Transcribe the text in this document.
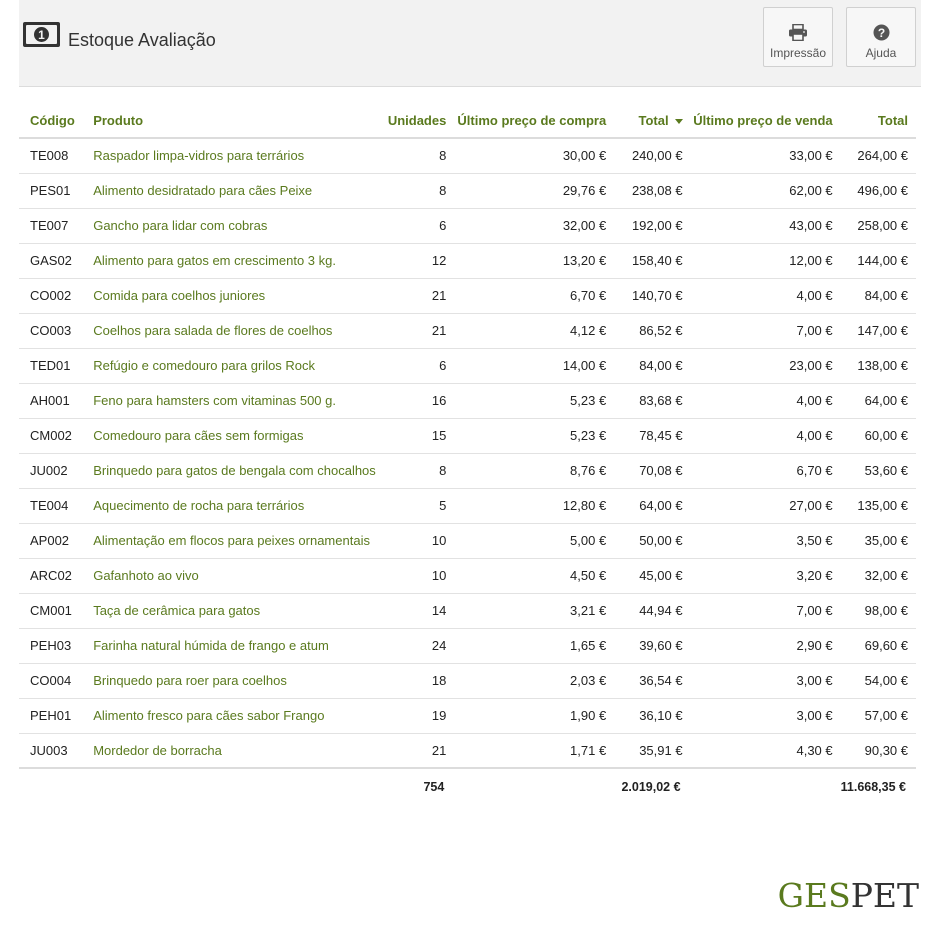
1 Estoque Avaliação
Impressão
?
Ajuda
Código	Produto	Unidades	Último preço de compra	Total	Último preço de venda	Total
TE008	Raspador limpa-vidros para terrários	8	30,00 €	240,00 €	33,00 €	264,00 €
PES01	Alimento desidratado para cães Peixe	8	29,76 €	238,08 €	62,00 €	496,00 €
TE007	Gancho para lidar com cobras	6	32,00 €	192,00 €	43,00 €	258,00 €
GAS02	Alimento para gatos em crescimento 3 kg.	12	13,20 €	158,40 €	12,00 €	144,00 €
CO002	Comida para coelhos juniores	21	6,70 €	140,70 €	4,00 €	84,00 €
CO003	Coelhos para salada de flores de coelhos	21	4,12 €	86,52 €	7,00 €	147,00 €
TED01	Refúgio e comedouro para grilos Rock	6	14,00 €	84,00 €	23,00 €	138,00 €
AH001	Feno para hamsters com vitaminas 500 g.	16	5,23 €	83,68 €	4,00 €	64,00 €
CM002	Comedouro para cães sem formigas	15	5,23 €	78,45 €	4,00 €	60,00 €
JU002	Brinquedo para gatos de bengala com chocalhos	8	8,76 €	70,08 €	6,70 €	53,60 €
TE004	Aquecimento de rocha para terrários	5	12,80 €	64,00 €	27,00 €	135,00 €
AP002	Alimentação em flocos para peixes ornamentais	10	5,00 €	50,00 €	3,50 €	35,00 €
ARC02	Gafanhoto ao vivo	10	4,50 €	45,00 €	3,20 €	32,00 €
CM001	Taça de cerâmica para gatos	14	3,21 €	44,94 €	7,00 €	98,00 €
PEH03	Farinha natural húmida de frango e atum	24	1,65 €	39,60 €	2,90 €	69,60 €
CO004	Brinquedo para roer para coelhos	18	2,03 €	36,54 €	3,00 €	54,00 €
PEH01	Alimento fresco para cães sabor Frango	19	1,90 €	36,10 €	3,00 €	57,00 €
JU003	Mordedor de borracha	21	1,71 €	35,91 €	4,30 €	90,30 €
		754		2.019,02 €		11.668,35 €
GESPET
